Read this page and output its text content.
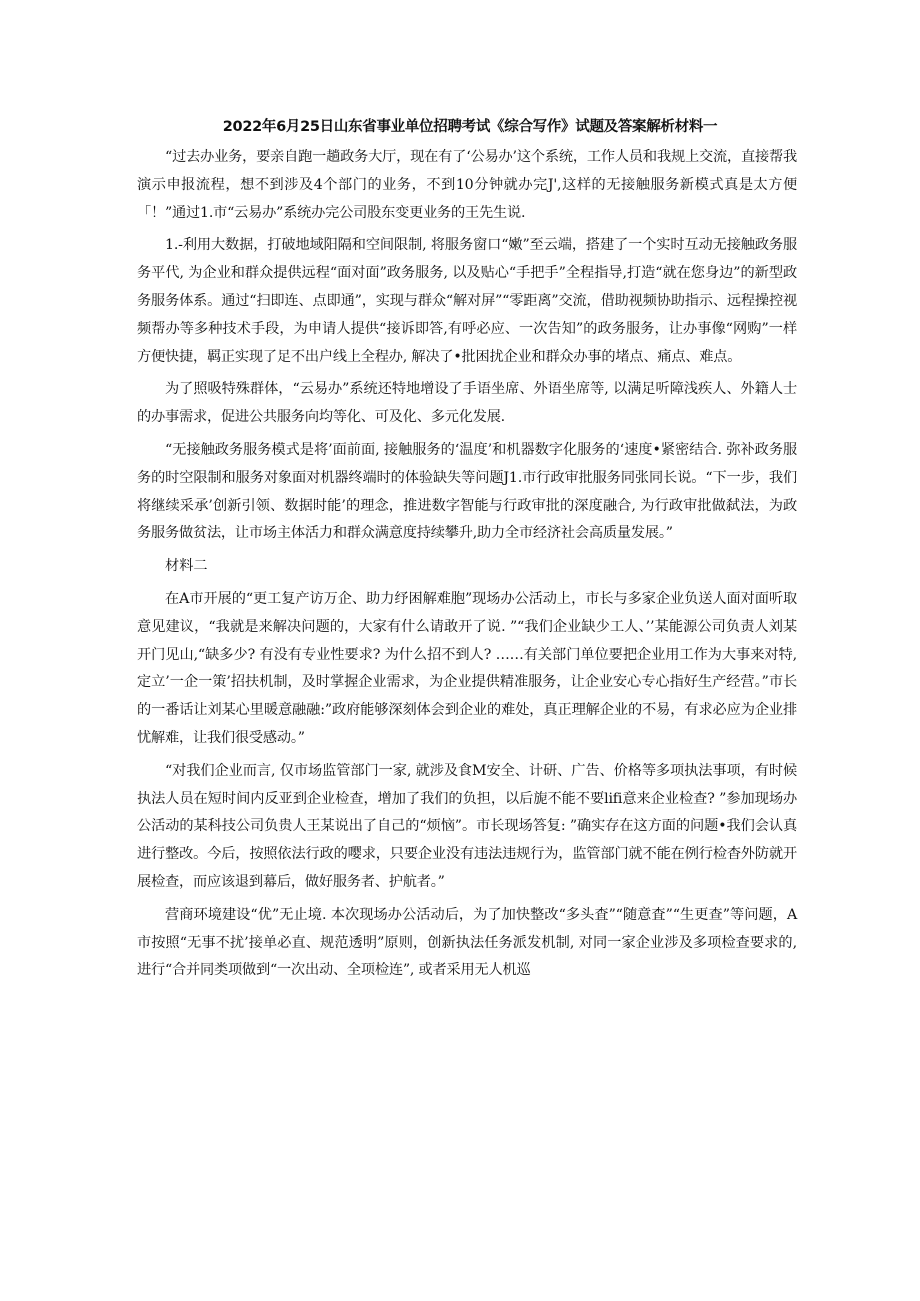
2022年6月25日山东省事业单位招聘考试《综合写作》试题及答案解析材料一

“过去办业务，要亲自跑一趟政务大厅，现在有了‘公易办’这个系统，工作人员和我规上交流，直接帮我演示申报流程，想不到涉及4个部门的业务，不到10分钟就办完J',这样的无接触服务新模式真是太方便「！”通过1.市“云易办”系统办完公司股东变更业务的王先生说.

1.-利用大数据，打破地域阳隔和空间限制, 将服务窗口“嫩”至云端，搭建了一个实时互动无接触政务服务平代, 为企业和群众提供远程“面对面”政务服务, 以及贴心“手把手”全程指导,打造“就在您身边”的新型政务服务体系。通过“扫即连、点即通”，实现与群众“解对屏”“零距离”交流，借助视频协助指示、远程操控视频帮办等多种技术手段，为申请人提供“接诉即答,有呼必应、一次告知”的政务服务，让办事像“网购”一样方便快捷，羁正实现了足不出户线上全程办, 解决了•批困扰企业和群众办事的堵点、痛点、难点。

为了照吸特殊群体，“云易办”系统还特地增设了手语坐席、外语坐席等, 以满足听障浅疾人、外籍人士的办事需求，促进公共服务向均等化、可及化、多元化发展.

“无接触政务服务模式是将’面前面, 接触服务的‘温度’和机器数字化服务的‘速度•紧密结合. 弥补政务服务的时空限制和服务对象面对机器终端时的体验缺失等问题J1.市行政审批服务同张同长说。“下一步，我们将继续采承’创新引领、数据时能’的理念，推进数字智能与行政审批的深度融合, 为行政审批做弑法，为政务服务做贫法，让市场主体活力和群众满意度持续攀升,助力全市经济社会高质量发展。”

材料二

在A市开展的“更工复产访万企、助力纾困解难胞”现场办公活动上，市长与多家企业负送人面对面听取意见建议，“我就是来解决问题的，大家有什么请敢开了说. ”“我们企业缺少工人、’’某能源公司负责人刘某开门见山,“缺多少? 有没有专业性要求? 为什么招不到人? ……有关部门单位要把企业用工作为大事来对特, 定立’一企一策’招扶机制，及时掌握企业需求，为企业提供精准服务，让企业安心专心指好生产经营。”市长的一番话让刘某心里暖意融融:”政府能够深刻体会到企业的难处，真正理解企业的不易，有求必应为企业排忧解难，让我们很受感动。”

“对我们企业而言, 仅市场监管部门一家, 就涉及食M安全、计研、广告、价格等多项执法事项，有时候执法人员在短时间内反亚到企业检查，增加了我们的负担，以后旎不能不要lifi意来企业检查? ”参加现场办公活动的某科技公司负贵人王某说出了自己的“烦恼”。市长现场答复: ”确实存在这方面的问题•我们会认真进行整改。今后，按照依法行政的嘤求，只要企业没有违法违规行为，监管部门就不能在例行检杳外防就开展检查，而应该退到幕后，做好服务者、护航者。”

营商环境建设“优”无止境. 本次现场办公活动后，为了加快整改“多头査”“随意査”“生更查”等问题，A市按照“无事不扰’接单必直、规范透明”原则，创新执法任务派发机制, 对同一家企业涉及多项检查要求的, 进行“合并同类项做到“一次出动、全项检连”, 或者采用无人机巡
